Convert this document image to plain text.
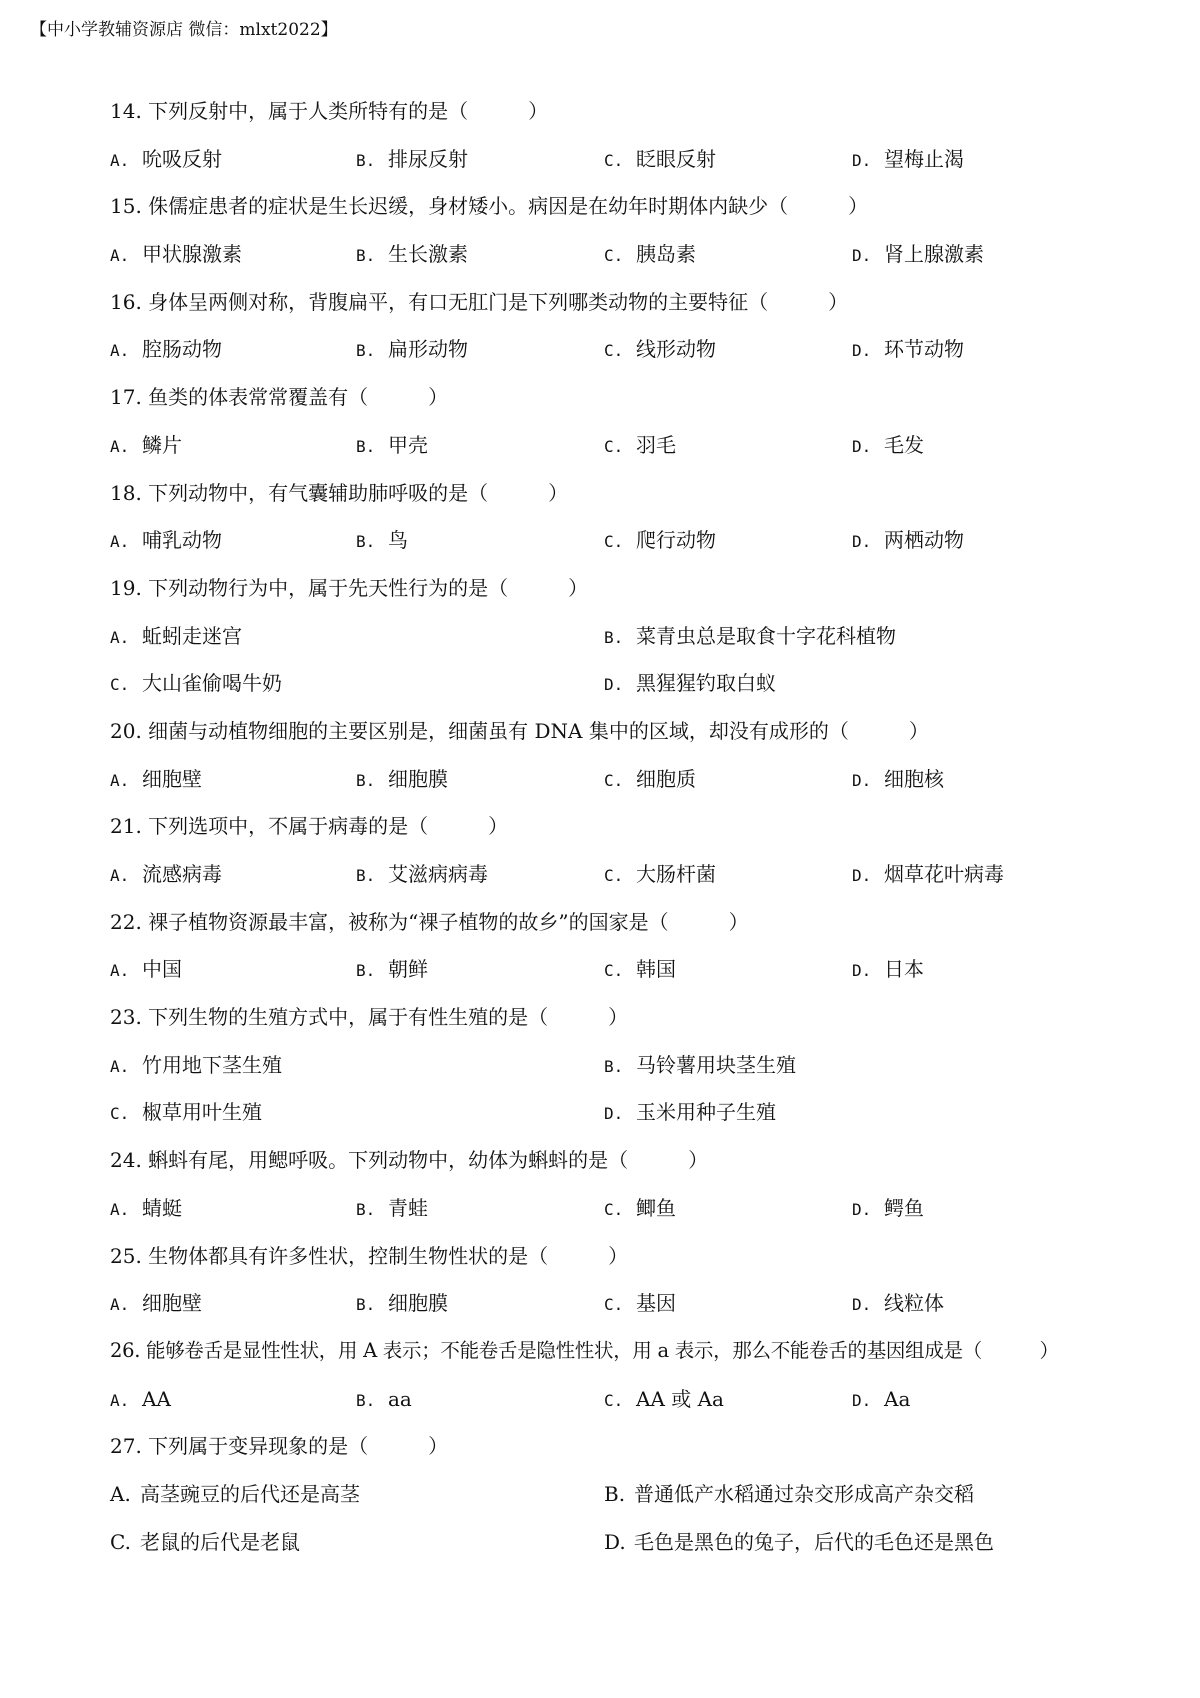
【中小学教辅资源店 微信：mlxt2022】
14. 下列反射中，属于人类所特有的是（　　　）
A. 吮吸反射	B. 排尿反射	C. 眨眼反射	D. 望梅止渴
15. 侏儒症患者的症状是生长迟缓，身材矮小。病因是在幼年时期体内缺少（　　　）
A. 甲状腺激素	B. 生长激素	C. 胰岛素	D. 肾上腺激素
16. 身体呈两侧对称，背腹扁平，有口无肛门是下列哪类动物的主要特征（　　　）
A. 腔肠动物	B. 扁形动物	C. 线形动物	D. 环节动物
17. 鱼类的体表常常覆盖有（　　　）
A. 鳞片	B. 甲壳	C. 羽毛	D. 毛发
18. 下列动物中，有气囊辅助肺呼吸的是（　　　）
A. 哺乳动物	B. 鸟	C. 爬行动物	D. 两栖动物
19. 下列动物行为中，属于先天性行为的是（　　　）
A. 蚯蚓走迷宫	B. 菜青虫总是取食十字花科植物
C. 大山雀偷喝牛奶	D. 黑猩猩钓取白蚁
20. 细菌与动植物细胞的主要区别是，细菌虽有 DNA 集中的区域，却没有成形的（　　　）
A. 细胞壁	B. 细胞膜	C. 细胞质	D. 细胞核
21. 下列选项中，不属于病毒的是（　　　）
A. 流感病毒	B. 艾滋病病毒	C. 大肠杆菌	D. 烟草花叶病毒
22. 裸子植物资源最丰富，被称为“裸子植物的故乡”的国家是（　　　）
A. 中国	B. 朝鲜	C. 韩国	D. 日本
23. 下列生物的生殖方式中，属于有性生殖的是（　　　）
A. 竹用地下茎生殖	B. 马铃薯用块茎生殖
C. 椒草用叶生殖	D. 玉米用种子生殖
24. 蝌蚪有尾，用鳃呼吸。下列动物中，幼体为蝌蚪的是（　　　）
A. 蜻蜓	B. 青蛙	C. 鲫鱼	D. 鳄鱼
25. 生物体都具有许多性状，控制生物性状的是（　　　）
A. 细胞壁	B. 细胞膜	C. 基因	D. 线粒体
26. 能够卷舌是显性性状，用 A 表示；不能卷舌是隐性性状，用 a 表示，那么不能卷舌的基因组成是（　　　）
A. AA	B. aa	C. AA 或 Aa	D. Aa
27. 下列属于变异现象的是（　　　）
A. 高茎豌豆的后代还是高茎	B. 普通低产水稻通过杂交形成高产杂交稻
C. 老鼠的后代是老鼠	D. 毛色是黑色的兔子，后代的毛色还是黑色
